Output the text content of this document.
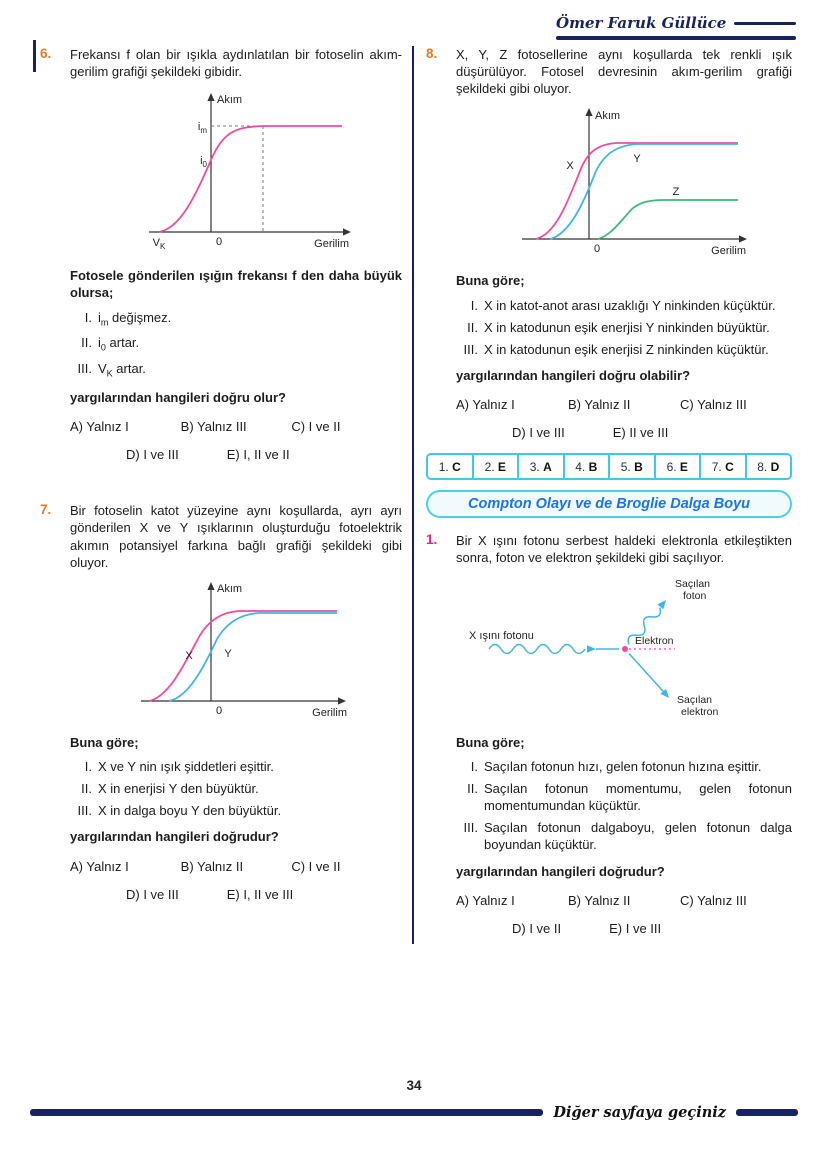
Ömer Faruk Güllüce
6.	Frekansı f olan bir ışıkla aydınlatılan bir fotoselin akım-gerilim grafiği şekildeki gibidir.

Akım
Gerilim
$i_m$
$i_0$
$V_K$	0

Fotosele gönderilen ışığın frekansı f den daha büyük olursa;

I. $i_m$ değişmez.
II. $i_0$ artar.
III. $V_K$ artar.

yargılarından hangileri doğru olur?

A) Yalnız I	B) Yalnız III	C) I ve II
D) I ve III	E) I, II ve II
7.	Bir fotoselin katot yüzeyine aynı koşullarda, ayrı ayrı gönderilen X ve Y ışıklarının oluşturduğu fotoelektrik akımın potansiyel farkına bağlı grafiği şekildeki gibi oluyor.

Akım
Gerilim
0
X	Y

Buna göre;

I. X ve Y nin ışık şiddetleri eşittir.
II. X in enerjisi Y den büyüktür.
III. X in dalga boyu Y den büyüktür.

yargılarından hangileri doğrudur?

A) Yalnız I	B) Yalnız II	C) I ve II
D) I ve III	E) I, II ve III
8.	X, Y, Z fotosellerine aynı koşullarda tek renkli ışık düşürülüyor. Fotosel devresinin akım-gerilim grafiği şekildeki gibi oluyor.

Akım
Gerilim
0
X
Y
Z

Buna göre;

I. X in katot-anot arası uzaklığı Y ninkinden küçüktür.
II. X in katodunun eşik enerjisi Y ninkinden büyüktür.
III. X in katodunun eşik enerjisi Z ninkinden küçüktür.

yargılarından hangileri doğru olabilir?

A) Yalnız I	B) Yalnız II	C) Yalnız III
D) I ve III	E) II ve III
1. C	2. E	3. A	4. B	5. B	6. E	7. C	8. D
Compton Olayı ve de Broglie Dalga Boyu
1.	Bir X ışını fotonu serbest haldeki elektronla etkileştikten sonra, foton ve elektron şekildeki gibi saçılıyor.

X ışını fotonu	Elektron
Saçılan
foton
Saçılan
elektron

Buna göre;

I. Saçılan fotonun hızı, gelen fotonun hızına eşittir.
II. Saçılan fotonun momentumu, gelen fotonun momentumundan küçüktür.
III. Saçılan fotonun dalgaboyu, gelen fotonun dalga boyundan küçüktür.

yargılarından hangileri doğrudur?

A) Yalnız I	B) Yalnız II	C) Yalnız III
D) I ve II	E) I ve III
34
Diğer sayfaya geçiniz
